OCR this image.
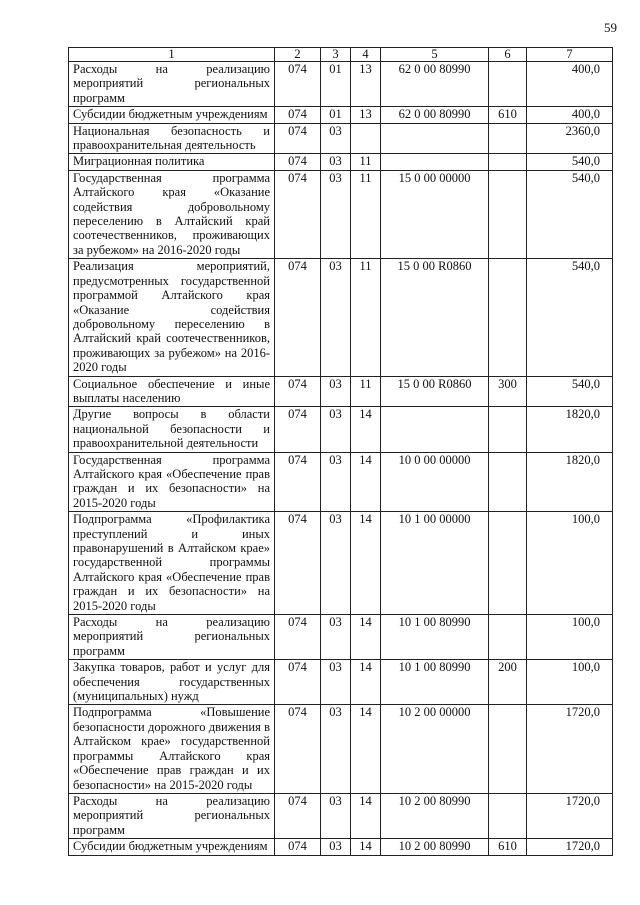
59
1	2	3	4	5	6	7
Расходы на реализацию мероприятий региональных программ	074	01	13	62 0 00 80990		400,0
Субсидии бюджетным учреждениям	074	01	13	62 0 00 80990	610	400,0
Национальная безопасность и правоохранительная деятельность	074	03				2360,0
Миграционная политика	074	03	11			540,0
Государственная программа Алтайского края «Оказание содействия добровольному переселению в Алтайский край соотечественников, проживающих за рубежом» на 2016-2020 годы	074	03	11	15 0 00 00000		540,0
Реализация мероприятий, предусмотренных государственной программой Алтайского края «Оказание содействия добровольному переселению в Алтайский край соотечественников, проживающих за рубежом» на 2016-2020 годы	074	03	11	15 0 00 R0860		540,0
Социальное обеспечение и иные выплаты населению	074	03	11	15 0 00 R0860	300	540,0
Другие вопросы в области национальной безопасности и правоохранительной деятельности	074	03	14			1820,0
Государственная программа Алтайского края «Обеспечение прав граждан и их безопасности» на 2015-2020 годы	074	03	14	10 0 00 00000		1820,0
Подпрограмма «Профилактика преступлений и иных правонарушений в Алтайском крае» государственной программы Алтайского края «Обеспечение прав граждан и их безопасности» на 2015-2020 годы	074	03	14	10 1 00 00000		100,0
Расходы на реализацию мероприятий региональных программ	074	03	14	10 1 00 80990		100,0
Закупка товаров, работ и услуг для обеспечения государственных (муниципальных) нужд	074	03	14	10 1 00 80990	200	100,0
Подпрограмма «Повышение безопасности дорожного движения в Алтайском крае» государственной программы Алтайского края «Обеспечение прав граждан и их безопасности» на 2015-2020 годы	074	03	14	10 2 00 00000		1720,0
Расходы на реализацию мероприятий региональных программ	074	03	14	10 2 00 80990		1720,0
Субсидии бюджетным учреждениям	074	03	14	10 2 00 80990	610	1720,0
